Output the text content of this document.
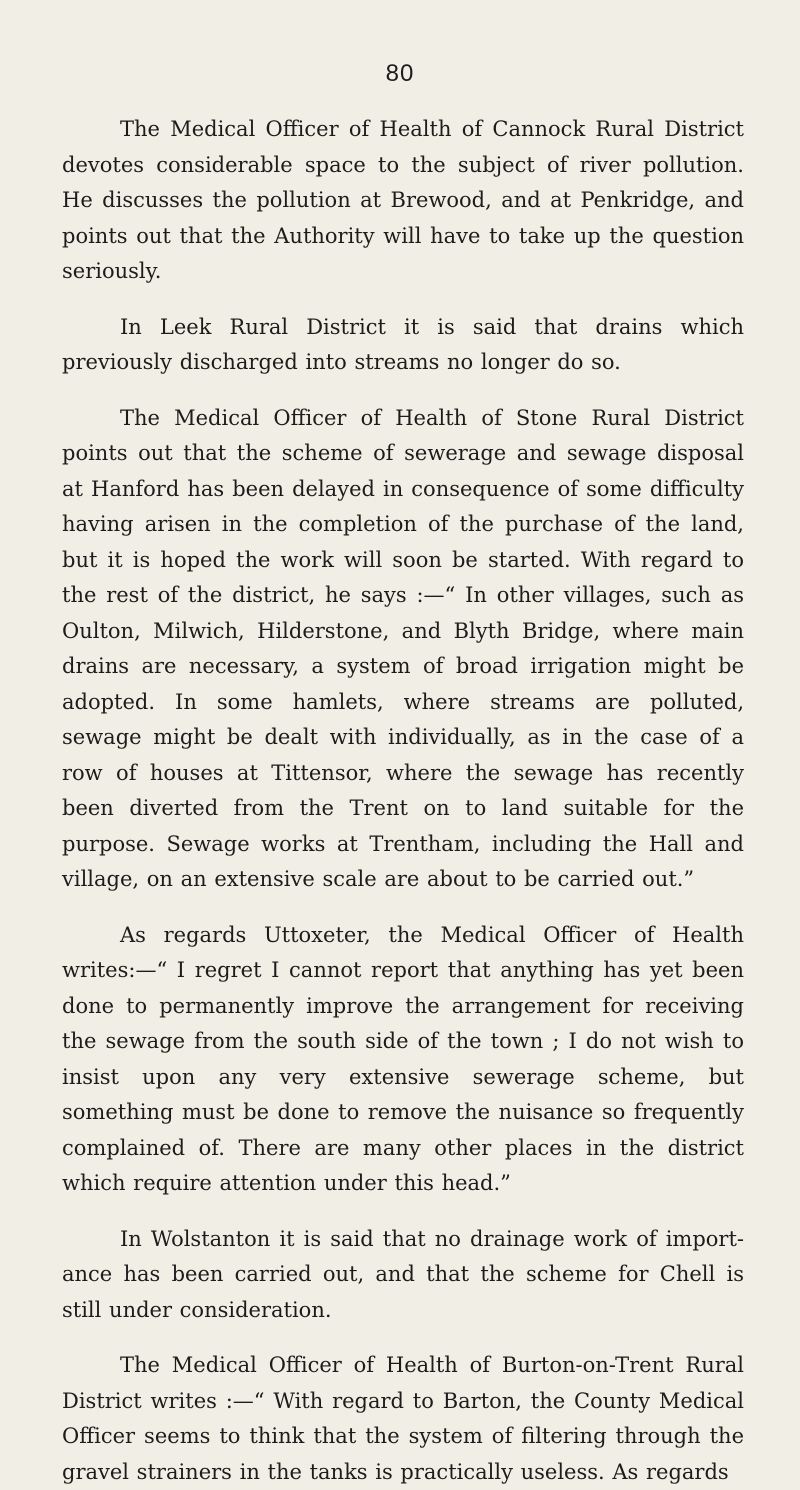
80

The Medical Officer of Health of Cannock Rural District devotes considerable space to the subject of river pollution. He discusses the pollution at Brewood, and at Penkridge, and points out that the Authority will have to take up the question seriously.

In Leek Rural District it is said that drains which previously discharged into streams no longer do so.

The Medical Officer of Health of Stone Rural District points out that the scheme of sewerage and sewage disposal at Hanford has been delayed in consequence of some difficulty having arisen in the completion of the purchase of the land, but it is hoped the work will soon be started. With regard to the rest of the district, he says :—“ In other villages, such as Oulton, Milwich, Hilderstone, and Blyth Bridge, where main drains are necessary, a system of broad irrigation might be adopted. In some hamlets, where streams are polluted, sewage might be dealt with individually, as in the case of a row of houses at Tittensor, where the sewage has recently been diverted from the Trent on to land suitable for the purpose. Sewage works at Trentham, including the Hall and village, on an extensive scale are about to be carried out.”

As regards Uttoxeter, the Medical Officer of Health writes:—“ I regret I cannot report that anything has yet been done to permanently improve the arrangement for receiving the sewage from the south side of the town ; I do not wish to insist upon any very extensive sewerage scheme, but something must be done to remove the nuisance so frequently complained of. There are many other places in the district which require attention under this head.”

In Wolstanton it is said that no drainage work of import-ance has been carried out, and that the scheme for Chell is still under consideration.

The Medical Officer of Health of Burton-on-Trent Rural District writes :—“ With regard to Barton, the County Medical Officer seems to think that the system of filtering through the gravel strainers in the tanks is practically useless. As regards
